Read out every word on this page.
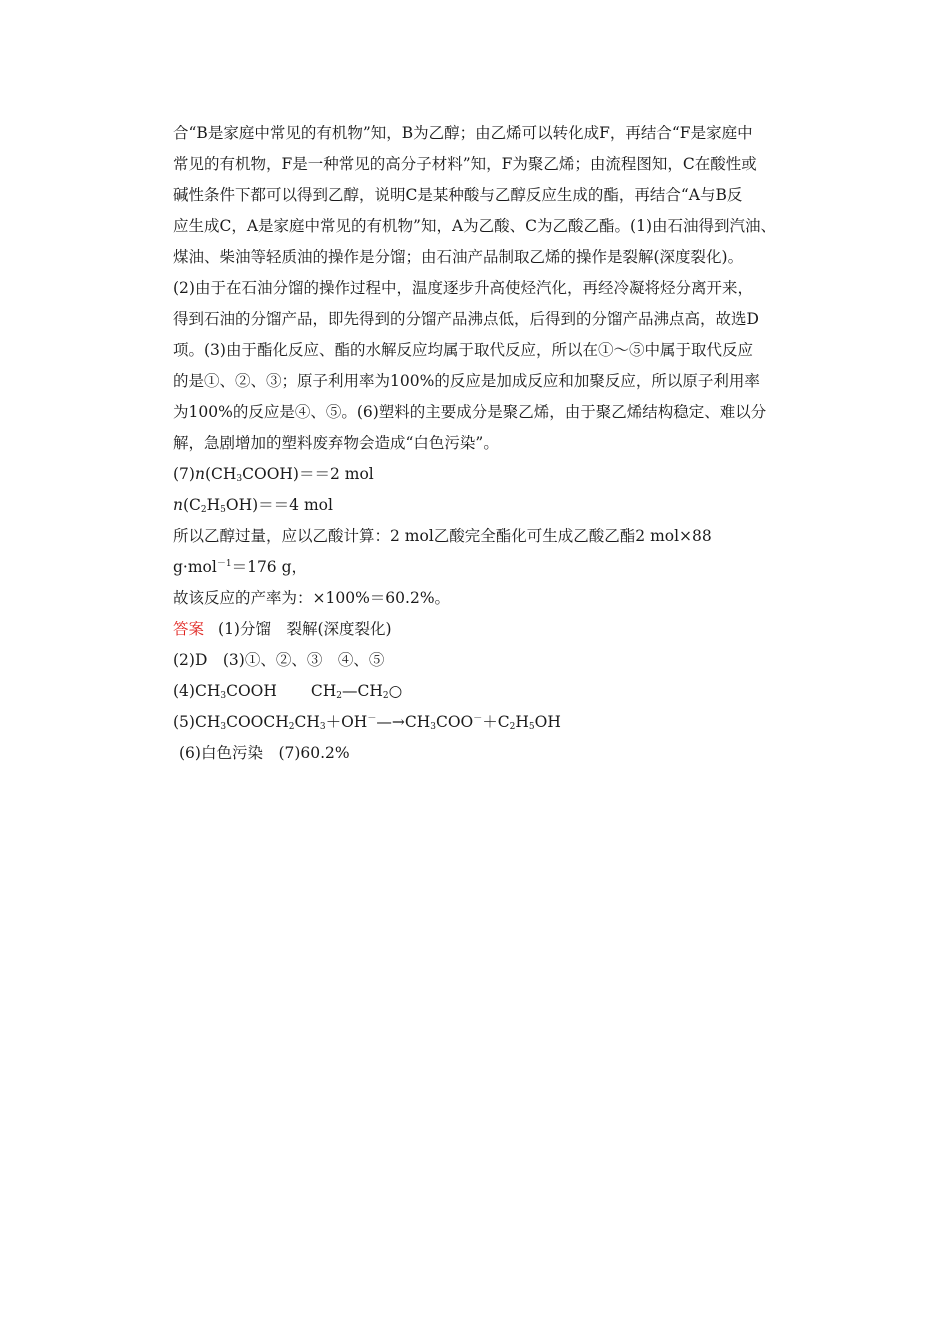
合“B是家庭中常见的有机物”知，B为乙醇；由乙烯可以转化成F，再结合“F是家庭中
常见的有机物，F是一种常见的高分子材料”知，F为聚乙烯；由流程图知，C在酸性或
碱性条件下都可以得到乙醇，说明C是某种酸与乙醇反应生成的酯，再结合“A与B反
应生成C，A是家庭中常见的有机物”知，A为乙酸、C为乙酸乙酯。(1)由石油得到汽油、
煤油、柴油等轻质油的操作是分馏；由石油产品制取乙烯的操作是裂解(深度裂化)。
(2)由于在石油分馏的操作过程中，温度逐步升高使烃汽化，再经冷凝将烃分离开来，
得到石油的分馏产品，即先得到的分馏产品沸点低，后得到的分馏产品沸点高，故选D
项。(3)由于酯化反应、酯的水解反应均属于取代反应，所以在①～⑤中属于取代反应
的是①、②、③；原子利用率为100%的反应是加成反应和加聚反应，所以原子利用率
为100%的反应是④、⑤。(6)塑料的主要成分是聚乙烯，由于聚乙烯结构稳定、难以分
解，急剧增加的塑料废弃物会造成“白色污染”。
$(7)n(CH_3COOH)==2$ mol
$n(C_2H_5OH)==4$ mol
所以乙醇过量，应以乙酸计算：2 mol乙酸完全酯化可生成乙酸乙酯2 mol×88
g·mol$^{-1}$＝176 g，
故该反应的产率为：×100%＝60.2%。
答案 (1)分馏　裂解(深度裂化)
(2)D　(3)①、②、③　④、⑤
$(4)CH_3COOH$ $CH_2—CH_2○$
$(5)CH_3COOCH_2CH_3+OH^-—\to CH_3COO^-+C_2H_5OH$
(6)白色污染　(7)60.2%
